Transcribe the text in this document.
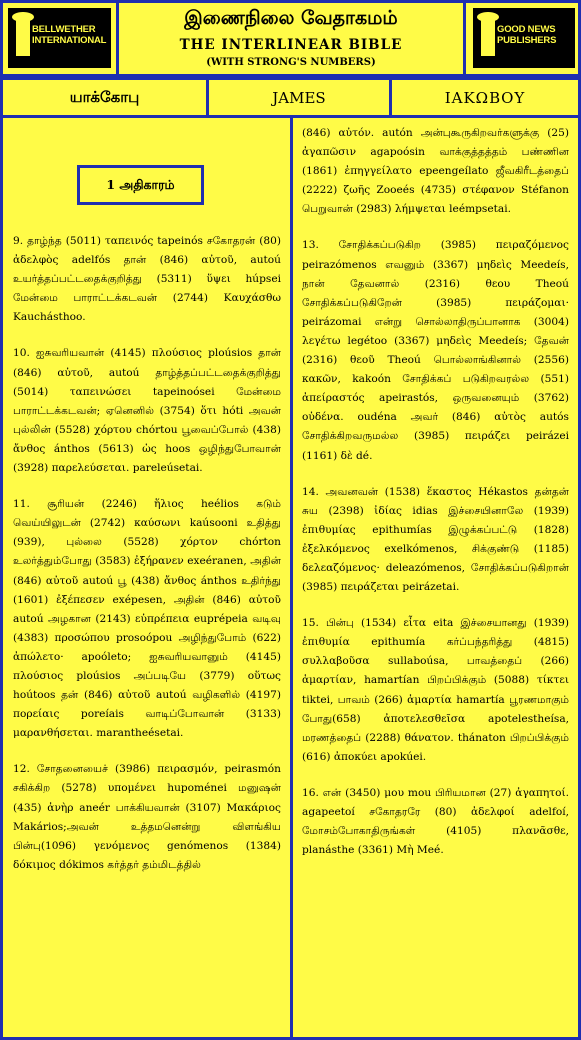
BELLWETHER INTERNATIONAL
இணைநிலை வேதாகமம்
THE INTERLINEAR BIBLE
(WITH STRONG'S NUMBERS)
GOOD NEWS PUBLISHERS
யாக்கோபு	JAMES	ΙΑΚΩΒΟΥ
1 அதிகாரம்

9. தாழ்ந்த (5011) ταπεινός tapeinós சகோதரன் (80) ἀδελφὸς adelfós தான் (846) αὐτοῦ, autoú உயர்த்தப்பட்டதைக்குறித்து (5311) ὕψει húpsei மேன்மை பாராட்டக்கடவன் (2744) Καυχάσθω Kauchásthoo.

10. ஐசுவரியவான் (4145) πλούσιος ploúsios தான் (846) αὐτοῦ, autoú தாழ்த்தப்பட்டதைக்குறித்து (5014) ταπεινώσει tapeinoósei மேன்மை பாராட்டக்கடவன்; ஏனெனில் (3754) ὅτι hóti அவன் புல்லின் (5528) χόρτου chórtou பூவைப்போல் (438) ἄνθος ánthos (5613) ὡς hoos ஒழிந்துபோவான் (3928) παρελεύσεται. pareleúsetai.

11. சூரியன் (2246) ἥλιος heélios கடும் வெய்யிலுடன் (2742) καύσωνι kaúsooni உதித்து (939), புல்லை (5528) χόρτον chórton உலர்த்தும்போது (3583) ἐξήρανεν exeéranen, அதின் (846) αὐτοῦ autoú பூ (438) ἄνθος ánthos உதிர்ந்து (1601) ἐξέπεσεν exépesen, அதின் (846) αὐτοῦ autoú அழகான (2143) εὐπρέπεια euprépeia வடிவு (4383) προσώπου prosoópou அழிந்துபோம் (622) ἀπώλετο· apoóleto; ஐசுவரியவானும் (4145) πλούσιος ploúsios அப்படியே (3779) οὕτως hoútoos தன் (846) αὐτοῦ autoú வழிகளில் (4197) πορείαις poreíais வாடிப்போவான் (3133) μαρανθήσεται. marantheésetai.

12. சோதனையைச் (3986) πειρασμόν, peirasmón சகிக்கிற (5278) υπομένει hupoménei மனுஷன் (435) ἀνὴρ aneér பாக்கியவான் (3107) Μακάριος Makários;அவன் உத்தமனென்று விளங்கிய பின்பு(1096) γενόμενος genómenos (1384) δόκιμος dókimos கர்த்தர் தம்மிடத்தில்

(846) αὐτόν. autón அன்புகூருகிறவர்களுக்கு (25) ἀγαπῶσιν agapoósin வாக்குத்தத்தம் பண்ணின (1861) ἐπηγγείλατο epeengeílato ஜீவகிரீடத்தைப் (2222) ζωῆς Zooeés (4735) στέφανον Stéfanon பெறுவான் (2983) λήμψεται leémpsetai.

13. சோதிக்கப்படுகிற (3985) πειραζόμενος peirazómenos எவனும் (3367) μηδεὶς Meedeís, நான் தேவனால் (2316) θεου Theoú சோதிக்கப்படுகிறேன் (3985) πειράζομαι· peirázomai என்று சொல்லாதிருப்பானாக (3004) λεγέτω legétoo (3367) μηδεὶς Meedeís; தேவன் (2316) θεοῦ Theoú பொல்லாங்கினால் (2556) κακῶν, kakoón சோதிக்கப் படுகிறவரல்ல (551) ἀπείραστός apeirastós, ஒருவனையும் (3762) οὐδένα. oudéna அவர் (846) αὐτὸς autós சோதிக்கிறவருமல்ல (3985) πειράζει peirázei (1161) δὲ dé.

14. அவனவன் (1538) ἕκαστος Hékastos தன்தன் சுய (2398) ἰδίας idias இச்சையினாலே (1939) ἐπιθυμίας epithumías இழுக்கப்பட்டு (1828) ἐξελκόμενος exelkómenos, சிக்குண்டு (1185) δελεαζόμενος· deleazómenos, சோதிக்கப்படுகிறான் (3985) πειράζεται peirázetai.

15. பின்பு (1534) εἶτα eita இச்சையானது (1939) ἐπιθυμία epithumía கர்ப்பந்தரித்து (4815) συλλαβοῦσα sullaboúsa, பாவத்தைப் (266) ἁμαρτίαν, hamartían பிறப்பிக்கும் (5088) τίκτει tiktei, பாவம் (266) ἁμαρτία hamartía பூரணமாகும் போது(658) ἀποτελεσθεῖσα apotelestheísa, மரணத்தைப் (2288) θάνατον. thánaton பிறப்பிக்கும் (616) ἀποκύει apokúei.

16. என் (3450) μου mou பிரியமான (27) ἀγαπητοί. agapeetoí சகோதரரே (80) ἀδελφοί adelfoí, மோசம்போகாதிருங்கள் (4105) πλανᾶσθε, planásthe (3361) Μὴ Meé.
